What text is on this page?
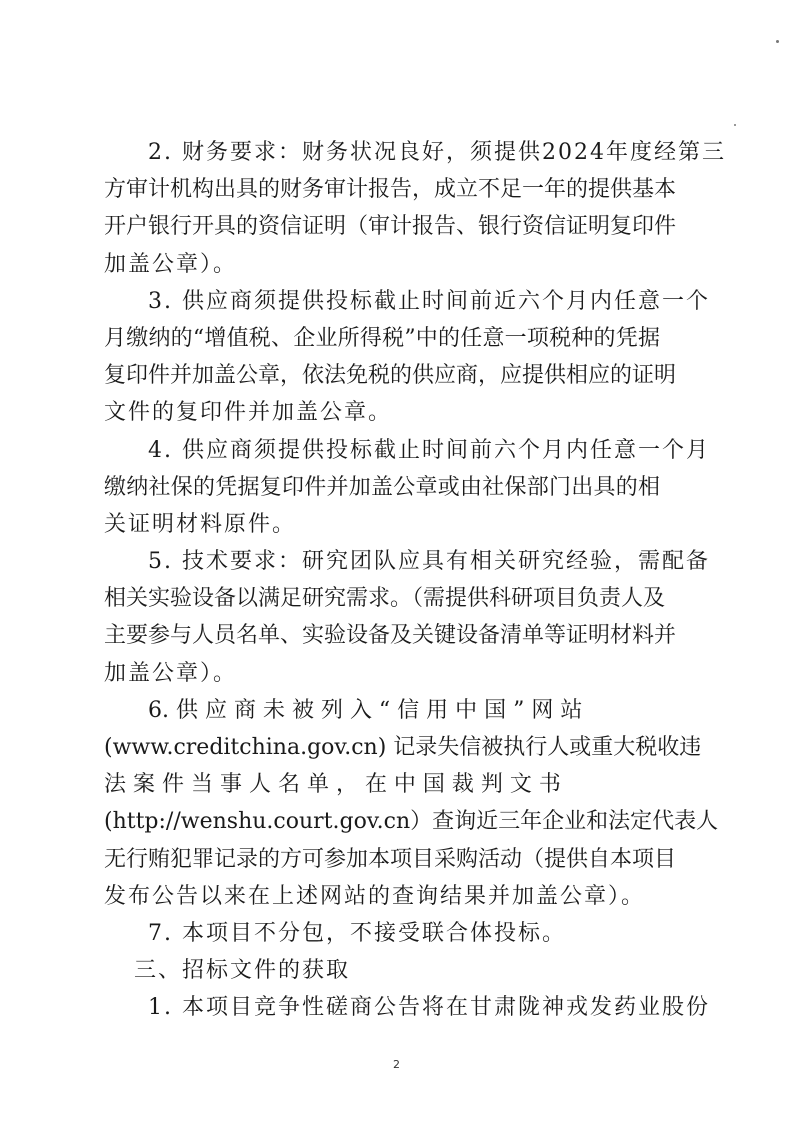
2. 财务要求：财务状况良好，须提供2024年度经第三
方审计机构出具的财务审计报告，成立不足一年的提供基本
开户银行开具的资信证明（审计报告、银行资信证明复印件
加盖公章）。
3. 供应商须提供投标截止时间前近六个月内任意一个
月缴纳的“增值税、企业所得税”中的任意一项税种的凭据
复印件并加盖公章，依法免税的供应商，应提供相应的证明
文件的复印件并加盖公章。
4. 供应商须提供投标截止时间前六个月内任意一个月
缴纳社保的凭据复印件并加盖公章或由社保部门出具的相
关证明材料原件。
5. 技术要求：研究团队应具有相关研究经验，需配备
相关实验设备以满足研究需求。（需提供科研项目负责人及
主要参与人员名单、实验设备及关键设备清单等证明材料并
加盖公章）。
6. 供 应 商 未 被 列 入 “ 信 用 中 国 ” 网 站
(www.creditchina.gov.cn) 记录失信被执行人或重大税收违
法 案 件 当 事 人 名 单 ， 在 中 国 裁 判 文 书
(http://wenshu.court.gov.cn）查询近三年企业和法定代表人
无行贿犯罪记录的方可参加本项目采购活动（提供自本项目
发布公告以来在上述网站的查询结果并加盖公章）。
7. 本项目不分包，不接受联合体投标。
三、招标文件的获取
1. 本项目竞争性磋商公告将在甘肃陇神戎发药业股份
2
